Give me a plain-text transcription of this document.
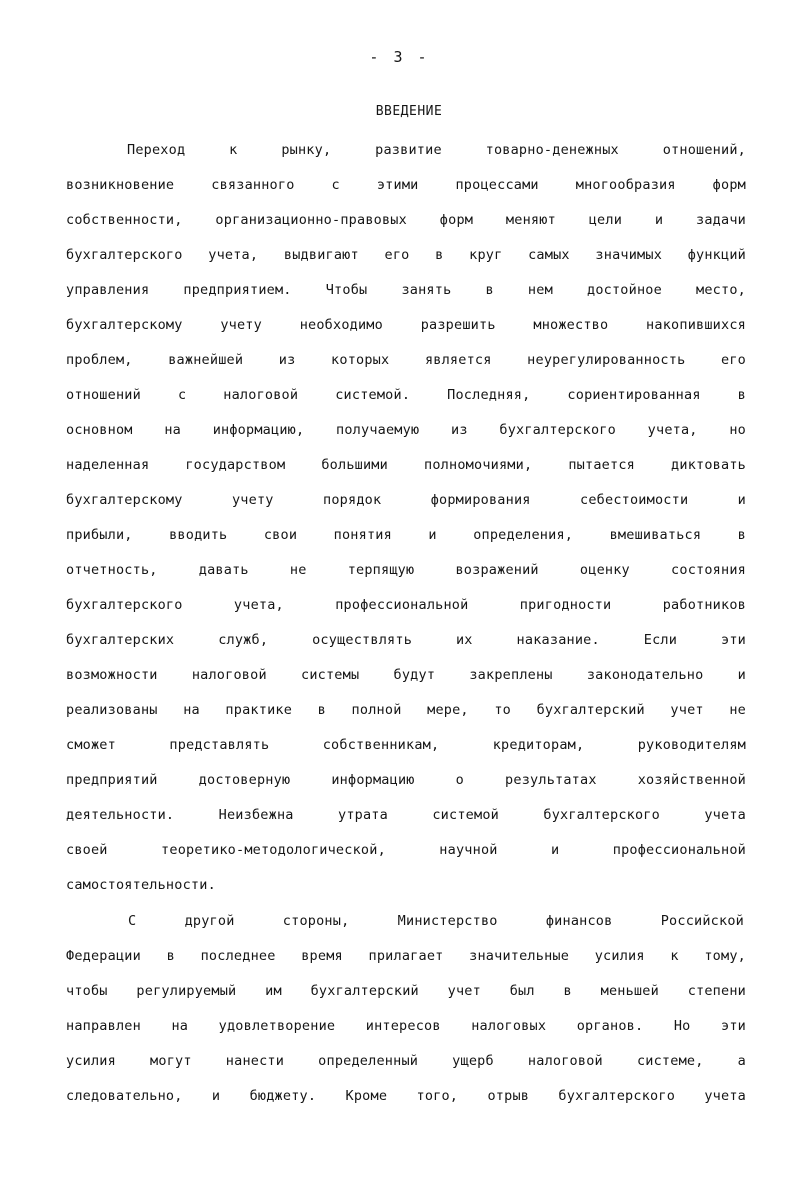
- 3 -
ВВЕДЕНИЕ
Переход к рынку, развитие товарно-денежных отношений,
возникновение связанного с этими процессами многообразия форм
собственности, организационно-правовых форм меняют цели и задачи
бухгалтерского учета, выдвигают его в круг самых значимых функций
управления предприятием. Чтобы занять в нем достойное место,
бухгалтерскому учету необходимо разрешить множество накопившихся
проблем, важнейшей из которых является неурегулированность его
отношений с налоговой системой. Последняя, сориентированная в
основном на информацию, получаемую из бухгалтерского учета, но
наделенная государством большими полномочиями, пытается диктовать
бухгалтерскому учету порядок формирования себестоимости и
прибыли, вводить свои понятия и определения, вмешиваться в
отчетность, давать не терпящую возражений оценку состояния
бухгалтерского учета, профессиональной пригодности работников
бухгалтерских служб, осуществлять их наказание. Если эти
возможности налоговой системы будут закреплены законодательно и
реализованы на практике в полной мере, то бухгалтерский учет не
сможет представлять собственникам, кредиторам, руководителям
предприятий достоверную информацию о результатах хозяйственной
деятельности. Неизбежна утрата системой бухгалтерского учета
своей теоретико-методологической, научной и профессиональной
самостоятельности.
С другой стороны, Министерство финансов Российской
Федерации в последнее время прилагает значительные усилия к тому,
чтобы регулируемый им бухгалтерский учет был в меньшей степени
направлен на удовлетворение интересов налоговых органов. Но эти
усилия могут нанести определенный ущерб налоговой системе, а
следовательно, и бюджету. Кроме того, отрыв бухгалтерского учета
